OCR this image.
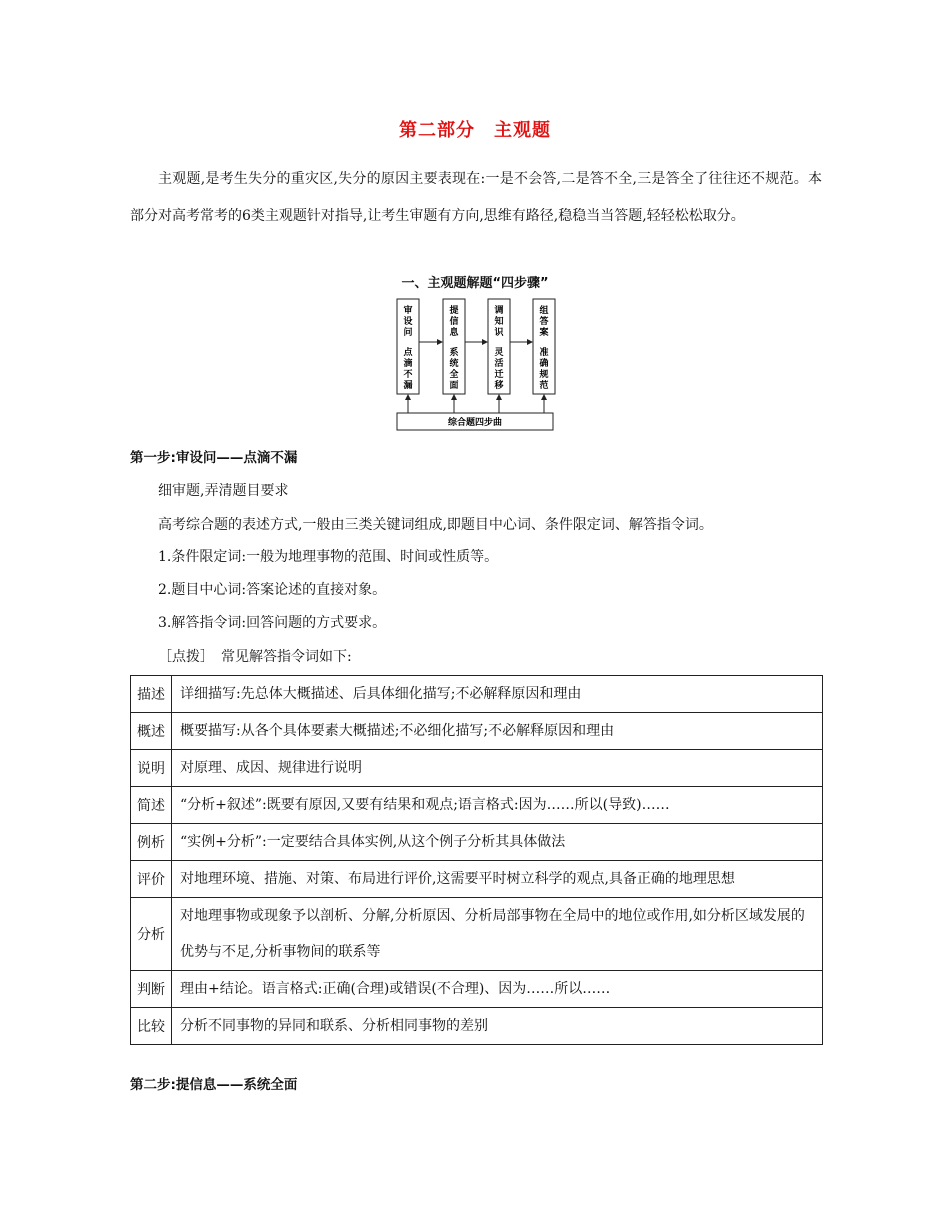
第二部分　主观题
主观题,是考生失分的重灾区,失分的原因主要表现在:一是不会答,二是答不全,三是答全了往往还不规范。本部分对高考常考的6类主观题针对指导,让考生审题有方向,思维有路径,稳稳当当答题,轻轻松松取分。
一、主观题解题“四步骤”
审设问
点滴不漏
提信息
系统全面
调知识
灵活迁移
组答案
准确规范
综合题四步曲
第一步:审设问——点滴不漏
细审题,弄清题目要求
高考综合题的表述方式,一般由三类关键词组成,即题目中心词、条件限定词、解答指令词。
1.条件限定词:一般为地理事物的范围、时间或性质等。
2.题目中心词:答案论述的直接对象。
3.解答指令词:回答问题的方式要求。
［点拨］　常见解答指令词如下:
描述	详细描写:先总体大概描述、后具体细化描写;不必解释原因和理由
概述	概要描写:从各个具体要素大概描述;不必细化描写;不必解释原因和理由
说明	对原理、成因、规律进行说明
简述	“分析+叙述”:既要有原因,又要有结果和观点;语言格式:因为……所以(导致)……
例析	“实例+分析”:一定要结合具体实例,从这个例子分析其具体做法
评价	对地理环境、措施、对策、布局进行评价,这需要平时树立科学的观点,具备正确的地理思想
分析	对地理事物或现象予以剖析、分解,分析原因、分析局部事物在全局中的地位或作用,如分析区域发展的优势与不足,分析事物间的联系等
判断	理由+结论。语言格式:正确(合理)或错误(不合理)、因为……所以……
比较	分析不同事物的异同和联系、分析相同事物的差别
第二步:提信息——系统全面
